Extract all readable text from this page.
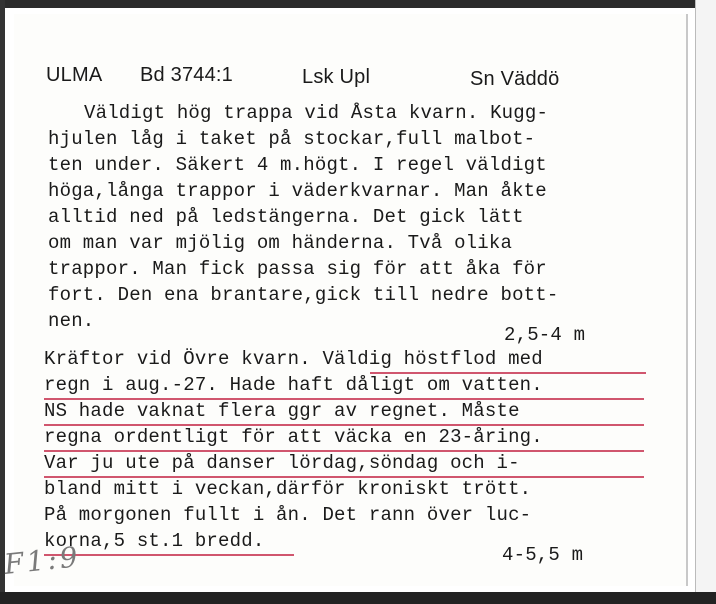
ULMA Bd 3744:1	Lsk Upl	Sn Väddö
Väldigt hög trappa vid Åsta kvarn. Kugg-
hjulen låg i taket på stockar,full malbot-
ten under. Säkert 4 m.högt. I regel väldigt
höga,långa trappor i väderkvarnar. Man åkte
alltid ned på ledstängerna. Det gick lätt
om man var mjölig om händerna. Två olika
trappor. Man fick passa sig för att åka för
fort. Den ena brantare,gick till nedre bott-
nen.
2,5-4 m
Kräftor vid Övre kvarn. Väldig höstflod med
regn i aug.-27. Hade haft dåligt om vatten.
NS hade vaknat flera ggr av regnet. Måste
regna ordentligt för att väcka en 23-åring.
Var ju ute på danser lördag,söndag och i-
bland mitt i veckan,därför kroniskt trött.
På morgonen fullt i ån. Det rann över luc-
korna,5 st.1 bredd.
4-5,5 m
F1:9
